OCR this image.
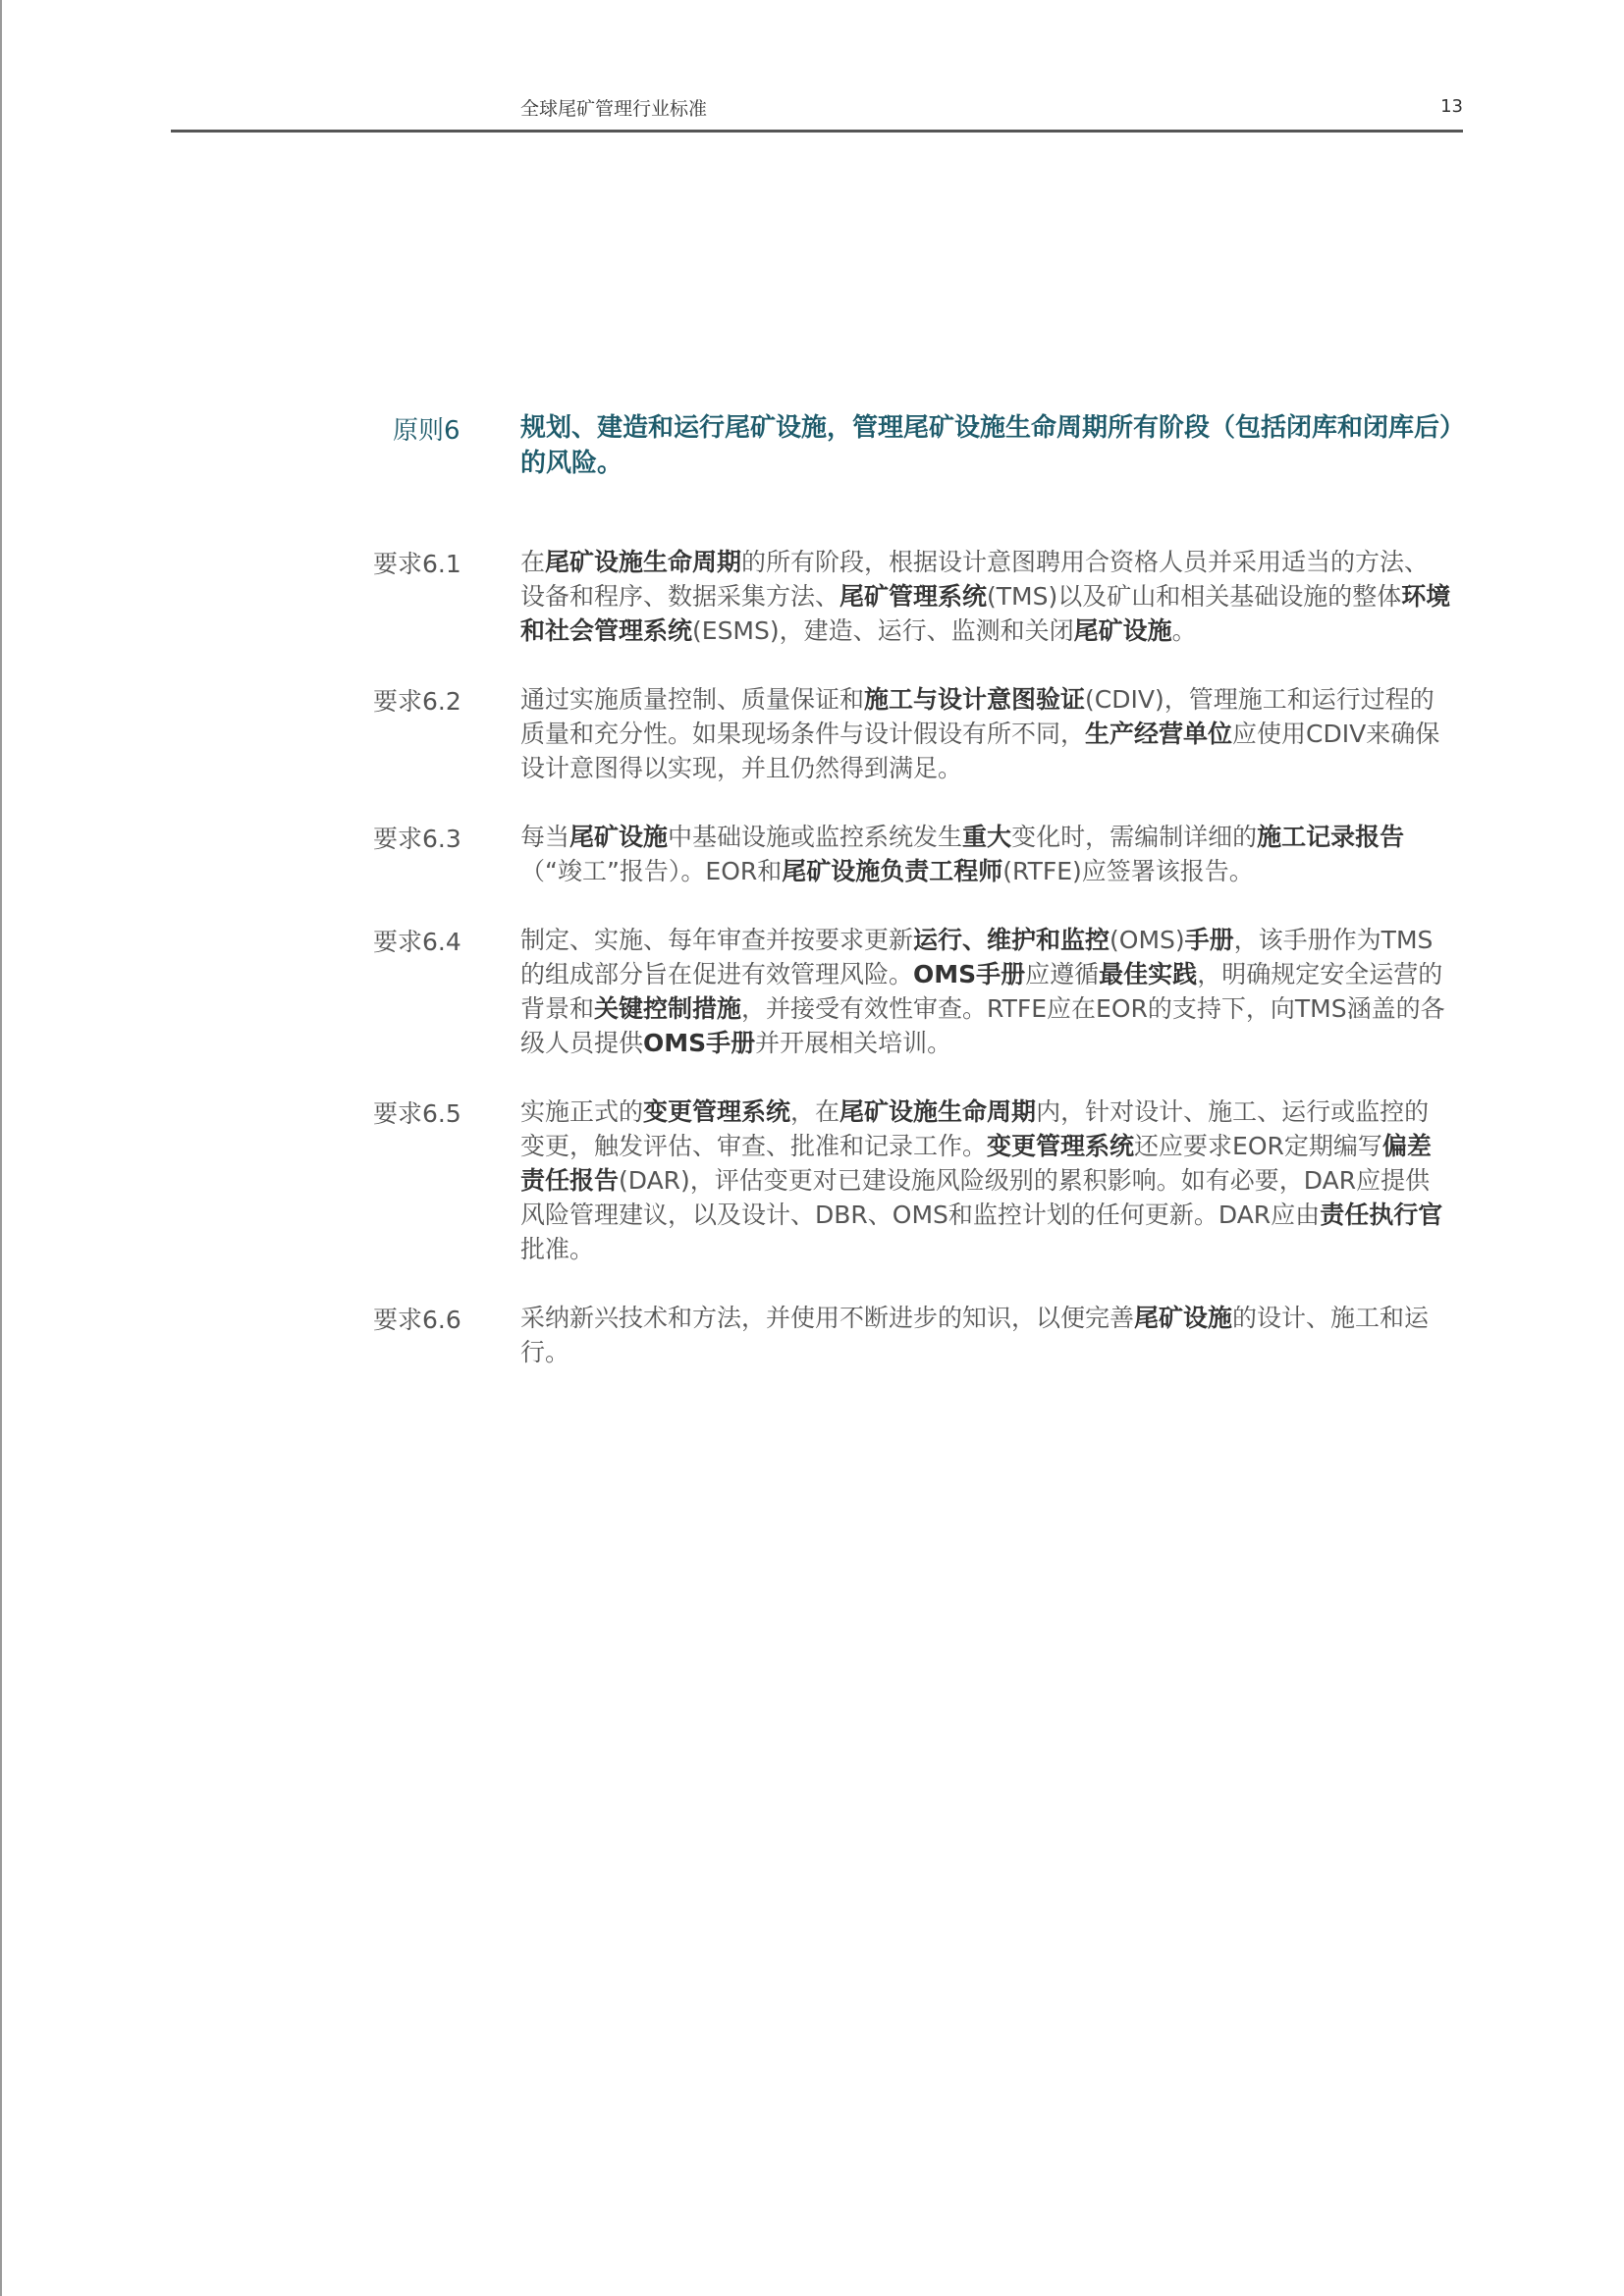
全球尾矿管理行业标准	13
原则6 规划、建造和运行尾矿设施，管理尾矿设施生命周期所有阶段（包括闭库和闭库后）的风险。
要求6.1 在尾矿设施生命周期的所有阶段，根据设计意图聘用合资格人员并采用适当的方法、设备和程序、数据采集方法、尾矿管理系统(TMS)以及矿山和相关基础设施的整体环境和社会管理系统(ESMS)，建造、运行、监测和关闭尾矿设施。
要求6.2 通过实施质量控制、质量保证和施工与设计意图验证(CDIV)，管理施工和运行过程的质量和充分性。如果现场条件与设计假设有所不同，生产经营单位应使用CDIV来确保设计意图得以实现，并且仍然得到满足。
要求6.3 每当尾矿设施中基础设施或监控系统发生重大变化时，需编制详细的施工记录报告（“竣工”报告）。EOR和尾矿设施负责工程师(RTFE)应签署该报告。
要求6.4 制定、实施、每年审查并按要求更新运行、维护和监控(OMS)手册，该手册作为TMS的组成部分旨在促进有效管理风险。OMS手册应遵循最佳实践，明确规定安全运营的背景和关键控制措施，并接受有效性审查。RTFE应在EOR的支持下，向TMS涵盖的各级人员提供OMS手册并开展相关培训。
要求6.5 实施正式的变更管理系统，在尾矿设施生命周期内，针对设计、施工、运行或监控的变更，触发评估、审查、批准和记录工作。变更管理系统还应要求EOR定期编写偏差责任报告(DAR)，评估变更对已建设施风险级别的累积影响。如有必要，DAR应提供风险管理建议，以及设计、DBR、OMS和监控计划的任何更新。DAR应由责任执行官批准。
要求6.6 采纳新兴技术和方法，并使用不断进步的知识，以便完善尾矿设施的设计、施工和运行。
